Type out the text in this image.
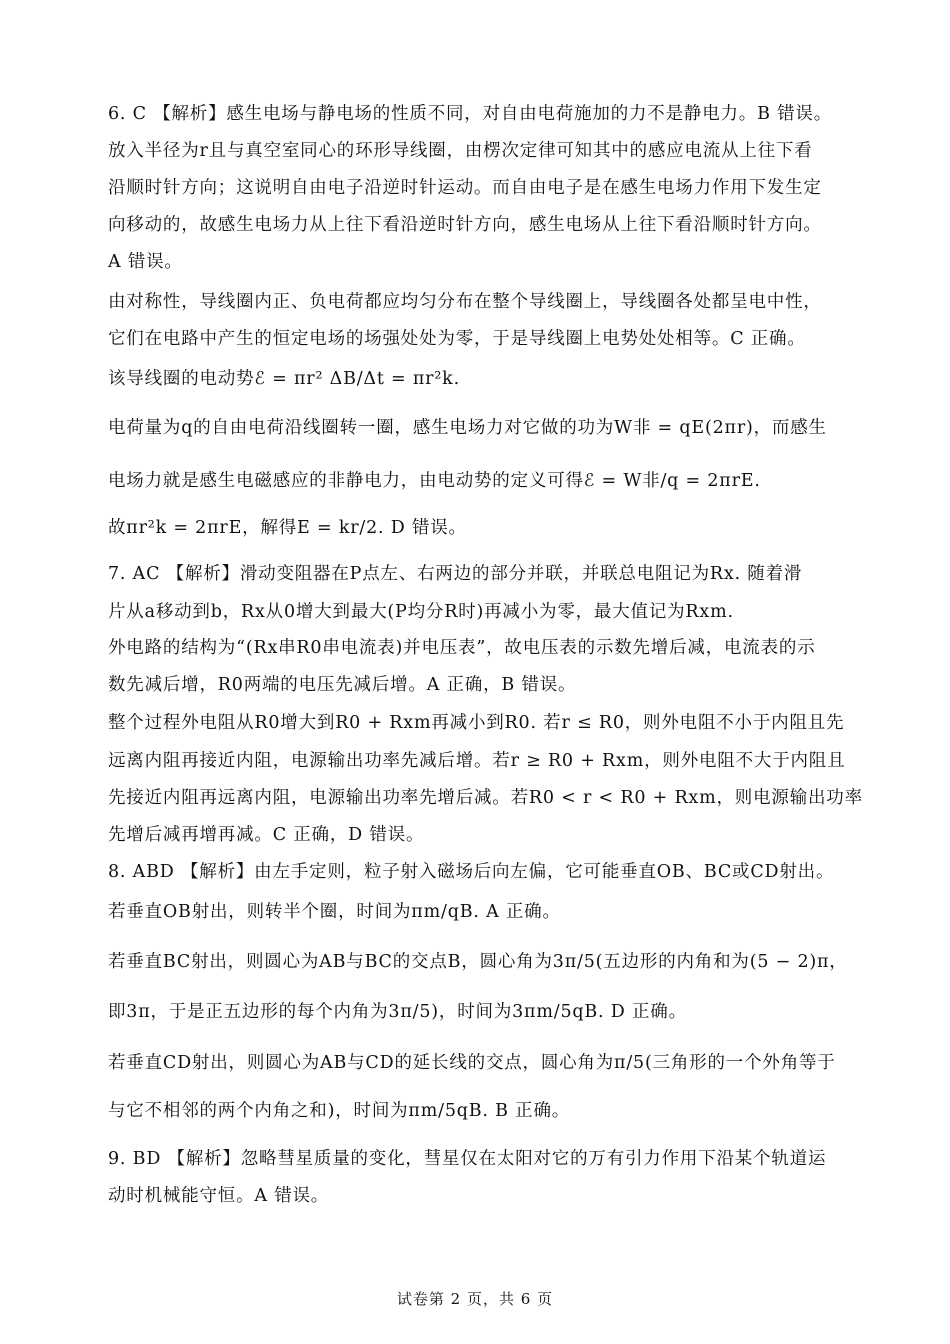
6. C 【解析】感生电场与静电场的性质不同，对自由电荷施加的力不是静电力。B 错误。
放入半径为r且与真空室同心的环形导线圈，由楞次定律可知其中的感应电流从上往下看
沿顺时针方向；这说明自由电子沿逆时针运动。而自由电子是在感生电场力作用下发生定
向移动的，故感生电场力从上往下看沿逆时针方向，感生电场从上往下看沿顺时针方向。
A 错误。
由对称性，导线圈内正、负电荷都应均匀分布在整个导线圈上，导线圈各处都呈电中性，
它们在电路中产生的恒定电场的场强处处为零，于是导线圈上电势处处相等。C 正确。
该导线圈的电动势ℰ = πr² ΔB/Δt = πr²k.
电荷量为q的自由电荷沿线圈转一圈，感生电场力对它做的功为W非 = qE(2πr)，而感生
电场力就是感生电磁感应的非静电力，由电动势的定义可得ℰ = W非/q = 2πrE.
故πr²k = 2πrE，解得E = kr/2. D 错误。
7. AC 【解析】滑动变阻器在P点左、右两边的部分并联，并联总电阻记为Rx. 随着滑
片从a移动到b，Rx从0增大到最大(P均分R时)再减小为零，最大值记为Rxm.
外电路的结构为“(Rx串R0串电流表)并电压表”，故电压表的示数先增后减，电流表的示
数先减后增，R0两端的电压先减后增。A 正确，B 错误。
整个过程外电阻从R0增大到R0 + Rxm再减小到R0. 若r ≤ R0，则外电阻不小于内阻且先
远离内阻再接近内阻，电源输出功率先减后增。若r ≥ R0 + Rxm，则外电阻不大于内阻且
先接近内阻再远离内阻，电源输出功率先增后减。若R0 < r < R0 + Rxm，则电源输出功率
先增后减再增再减。C 正确，D 错误。
8. ABD 【解析】由左手定则，粒子射入磁场后向左偏，它可能垂直OB、BC或CD射出。
若垂直OB射出，则转半个圈，时间为πm/qB. A 正确。
若垂直BC射出，则圆心为AB与BC的交点B，圆心角为3π/5(五边形的内角和为(5 − 2)π，
即3π，于是正五边形的每个内角为3π/5)，时间为3πm/5qB. D 正确。
若垂直CD射出，则圆心为AB与CD的延长线的交点，圆心角为π/5(三角形的一个外角等于
与它不相邻的两个内角之和)，时间为πm/5qB. B 正确。
9. BD 【解析】忽略彗星质量的变化，彗星仅在太阳对它的万有引力作用下沿某个轨道运
动时机械能守恒。A 错误。
试卷第 2 页，共 6 页
